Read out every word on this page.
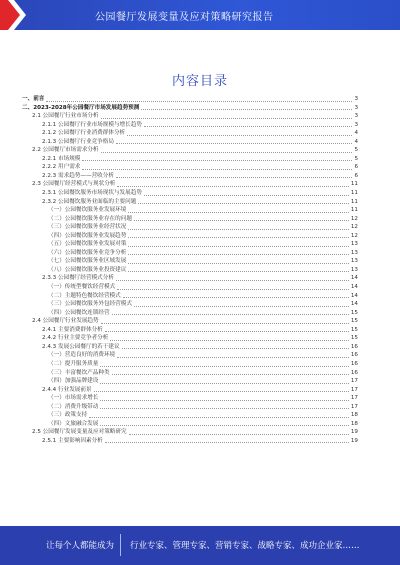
公园餐厅发展变量及应对策略研究报告
内容目录
一、前言	3
二、2023-2028年公园餐厅市场发展趋势预测	3
2.1 公园餐厅行业市场分析	3
2.1.1 公园餐厅行业市场规模与增长趋势	3
2.1.2 公园餐厅行业消费群体分析	4
2.1.3 公园餐厅行业竞争格局	4
2.2 公园餐厅市场需求分析	5
2.2.1 市场规模	5
2.2.2 用户需求	6
2.2.3 需求趋势——营收分析	6
2.3 公园餐厅经营模式与现状分析	11
2.3.1 公园餐饮服务市场现状与发展趋势	11
2.3.2 公园餐饮服务业面临的主要问题	11
（一）公园餐饮服务业发展环境	11
（二）公园餐饮服务业存在的问题	12
（三）公园餐饮服务业经营状况	12
（四）公园餐饮服务业发展趋势	12
（五）公园餐饮服务业发展对策	13
（六）公园餐饮服务业竞争分析	13
（七）公园餐饮服务业区域发展	13
（八）公园餐饮服务业投资建议	13
2.3.3 公园餐厅经营模式分析	14
（一）传统型餐饮经营模式	14
（二）主题特色餐饮经营模式	14
（三）公园餐饮服务外包经营模式	14
（四）公园餐饮连锁经营	15
2.4 公园餐厅行业发展趋势	15
2.4.1 主要消费群体分析	15
2.4.2 行业主要竞争者分析	15
2.4.3 发展公园餐厅的若干建议	16
（一）营造良好的消费环境	16
（二）提升服务质量	16
（三）丰富餐饮产品种类	16
（四）加强品牌建设	17
2.4.4 行业发展前景	17
（一）市场需求增长	17
（二）消费升级带动	17
（三）政策支持	18
（四）文旅融合发展	18
2.5 公园餐厅发展变量及应对策略研究	19
2.5.1 主要影响因素分析	19
让每个人都能成为 行业专家、管理专家、营销专家、战略专家、成功企业家……
